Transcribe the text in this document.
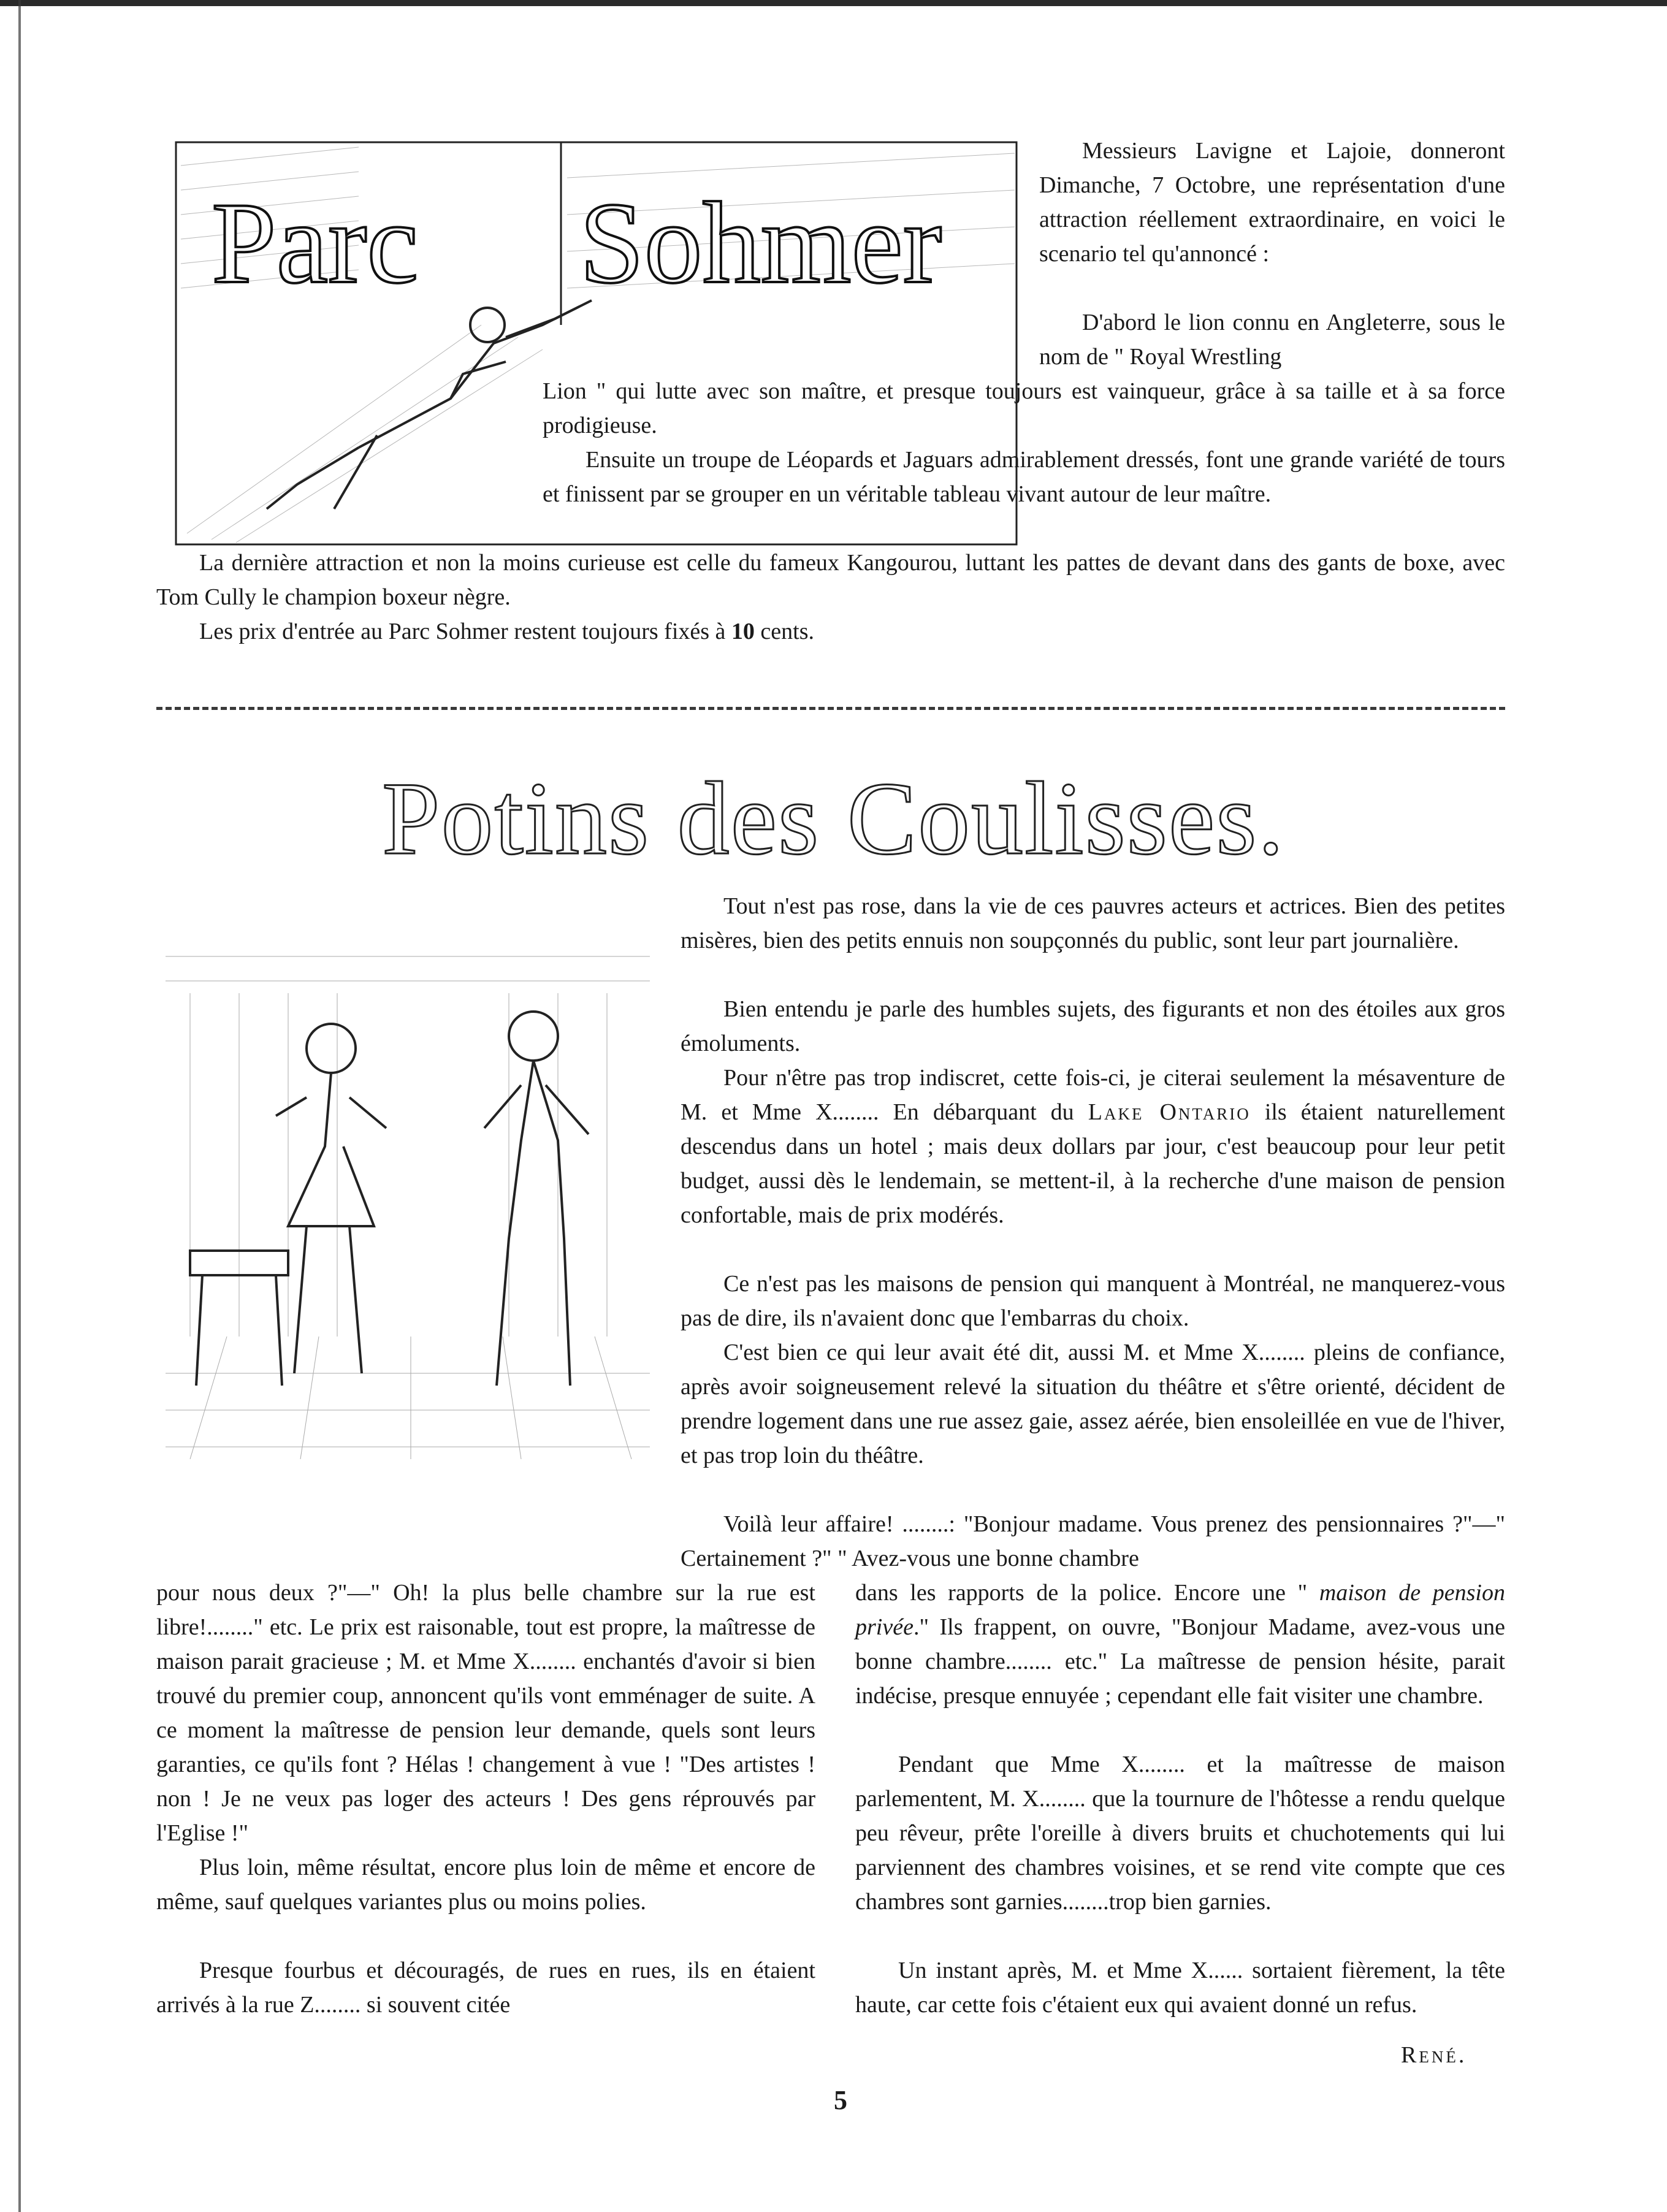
Parc Sohmer

Messieurs Lavigne et Lajoie, donneront Dimanche, 7 Octobre, une représentation d'une attraction réellement extraordinaire, en voici le scenario tel qu'annoncé :

D'abord le lion connu en Angleterre, sous le nom de " Royal Wrestling

Lion " qui lutte avec son maître, et presque toujours est vainqueur, grâce à sa taille et à sa force prodigieuse.

Ensuite un troupe de Léopards et Jaguars admirablement dressés, font une grande variété de tours et finissent par se grouper en un véritable tableau vivant autour de leur maître.

La dernière attraction et non la moins curieuse est celle du fameux Kangourou, luttant les pattes de devant dans des gants de boxe, avec Tom Cully le champion boxeur nègre.

Les prix d'entrée au Parc Sohmer restent toujours fixés à 10 cents.

Potins des Coulisses.

Tout n'est pas rose, dans la vie de ces pauvres acteurs et actrices. Bien des petites misères, bien des petits ennuis non soupçonnés du public, sont leur part journalière.

Bien entendu je parle des humbles sujets, des figurants et non des étoiles aux gros émoluments.

Pour n'être pas trop indiscret, cette fois-ci, je citerai seulement la mésaventure de M. et Mme X........ En débarquant du Lake Ontario ils étaient naturellement descendus dans un hotel ; mais deux dollars par jour, c'est beaucoup pour leur petit budget, aussi dès le lendemain, se mettent-il, à la recherche d'une maison de pension confortable, mais de prix modérés.

Ce n'est pas les maisons de pension qui manquent à Montréal, ne manquerez-vous pas de dire, ils n'avaient donc que l'embarras du choix.

C'est bien ce qui leur avait été dit, aussi M. et Mme X........ pleins de confiance, après avoir soigneusement relevé la situation du théâtre et s'être orienté, décident de prendre logement dans une rue assez gaie, assez aérée, bien ensoleillée en vue de l'hiver, et pas trop loin du théâtre.

Voilà leur affaire! ........: "Bonjour madame. Vous prenez des pensionnaires ?"—" Certainement ?" " Avez-vous une bonne chambre

pour nous deux ?"—" Oh! la plus belle chambre sur la rue est libre!........" etc. Le prix est raisonable, tout est propre, la maîtresse de maison parait gracieuse ; M. et Mme X........ enchantés d'avoir si bien trouvé du premier coup, annoncent qu'ils vont emménager de suite. A ce moment la maîtresse de pension leur demande, quels sont leurs garanties, ce qu'ils font ? Hélas ! changement à vue ! "Des artistes ! non ! Je ne veux pas loger des acteurs ! Des gens réprouvés par l'Eglise !"

Plus loin, même résultat, encore plus loin de même et encore de même, sauf quelques variantes plus ou moins polies.

Presque fourbus et découragés, de rues en rues, ils en étaient arrivés à la rue Z........ si souvent citée

dans les rapports de la police. Encore une " maison de pension privée." Ils frappent, on ouvre, "Bonjour Madame, avez-vous une bonne chambre........ etc." La maîtresse de pension hésite, parait indécise, presque ennuyée ; cependant elle fait visiter une chambre.

Pendant que Mme X........ et la maîtresse de maison parlementent, M. X........ que la tournure de l'hôtesse a rendu quelque peu rêveur, prête l'oreille à divers bruits et chuchotements qui lui parviennent des chambres voisines, et se rend vite compte que ces chambres sont garnies........trop bien garnies.

Un instant après, M. et Mme X...... sortaient fièrement, la tête haute, car cette fois c'étaient eux qui avaient donné un refus.

René.
5
